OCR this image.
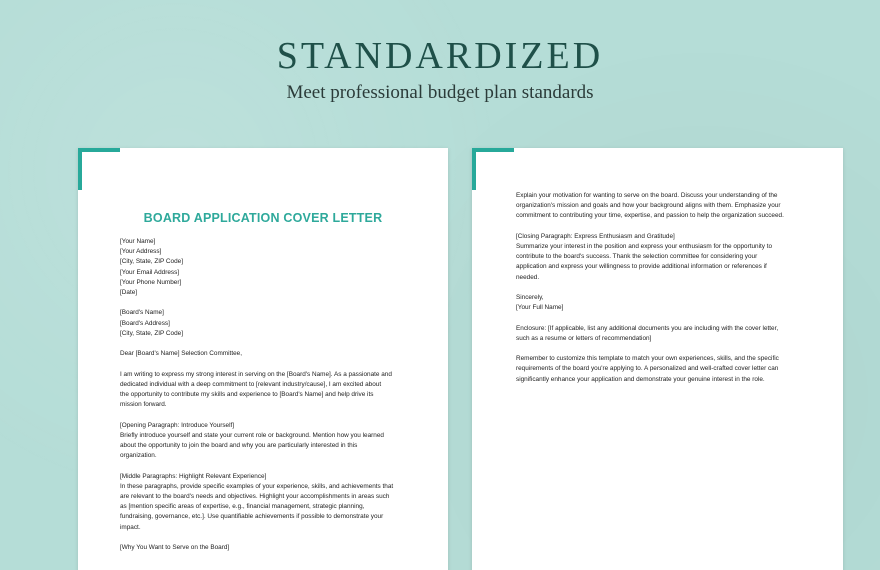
STANDARDIZED
Meet professional budget plan standards
BOARD APPLICATION COVER LETTER
[Your Name]
[Your Address]
[City, State, ZIP Code]
[Your Email Address]
[Your Phone Number]
[Date]
[Board's Name]
[Board's Address]
[City, State, ZIP Code]
Dear [Board's Name] Selection Committee,
I am writing to express my strong interest in serving on the [Board's Name]. As a passionate and
dedicated individual with a deep commitment to [relevant industry/cause], I am excited about
the opportunity to contribute my skills and experience to [Board's Name] and help drive its
mission forward.
[Opening Paragraph: Introduce Yourself]
Briefly introduce yourself and state your current role or background. Mention how you learned
about the opportunity to join the board and why you are particularly interested in this
organization.
[Middle Paragraphs: Highlight Relevant Experience]
In these paragraphs, provide specific examples of your experience, skills, and achievements that
are relevant to the board's needs and objectives. Highlight your accomplishments in areas such
as [mention specific areas of expertise, e.g., financial management, strategic planning,
fundraising, governance, etc.]. Use quantifiable achievements if possible to demonstrate your
impact.
[Why You Want to Serve on the Board]
Explain your motivation for wanting to serve on the board. Discuss your understanding of the
organization's mission and goals and how your background aligns with them. Emphasize your
commitment to contributing your time, expertise, and passion to help the organization succeed.
[Closing Paragraph: Express Enthusiasm and Gratitude]
Summarize your interest in the position and express your enthusiasm for the opportunity to
contribute to the board's success. Thank the selection committee for considering your
application and express your willingness to provide additional information or references if
needed.
Sincerely,
[Your Full Name]
Enclosure: [If applicable, list any additional documents you are including with the cover letter,
such as a resume or letters of recommendation]
Remember to customize this template to match your own experiences, skills, and the specific
requirements of the board you're applying to. A personalized and well-crafted cover letter can
significantly enhance your application and demonstrate your genuine interest in the role.
